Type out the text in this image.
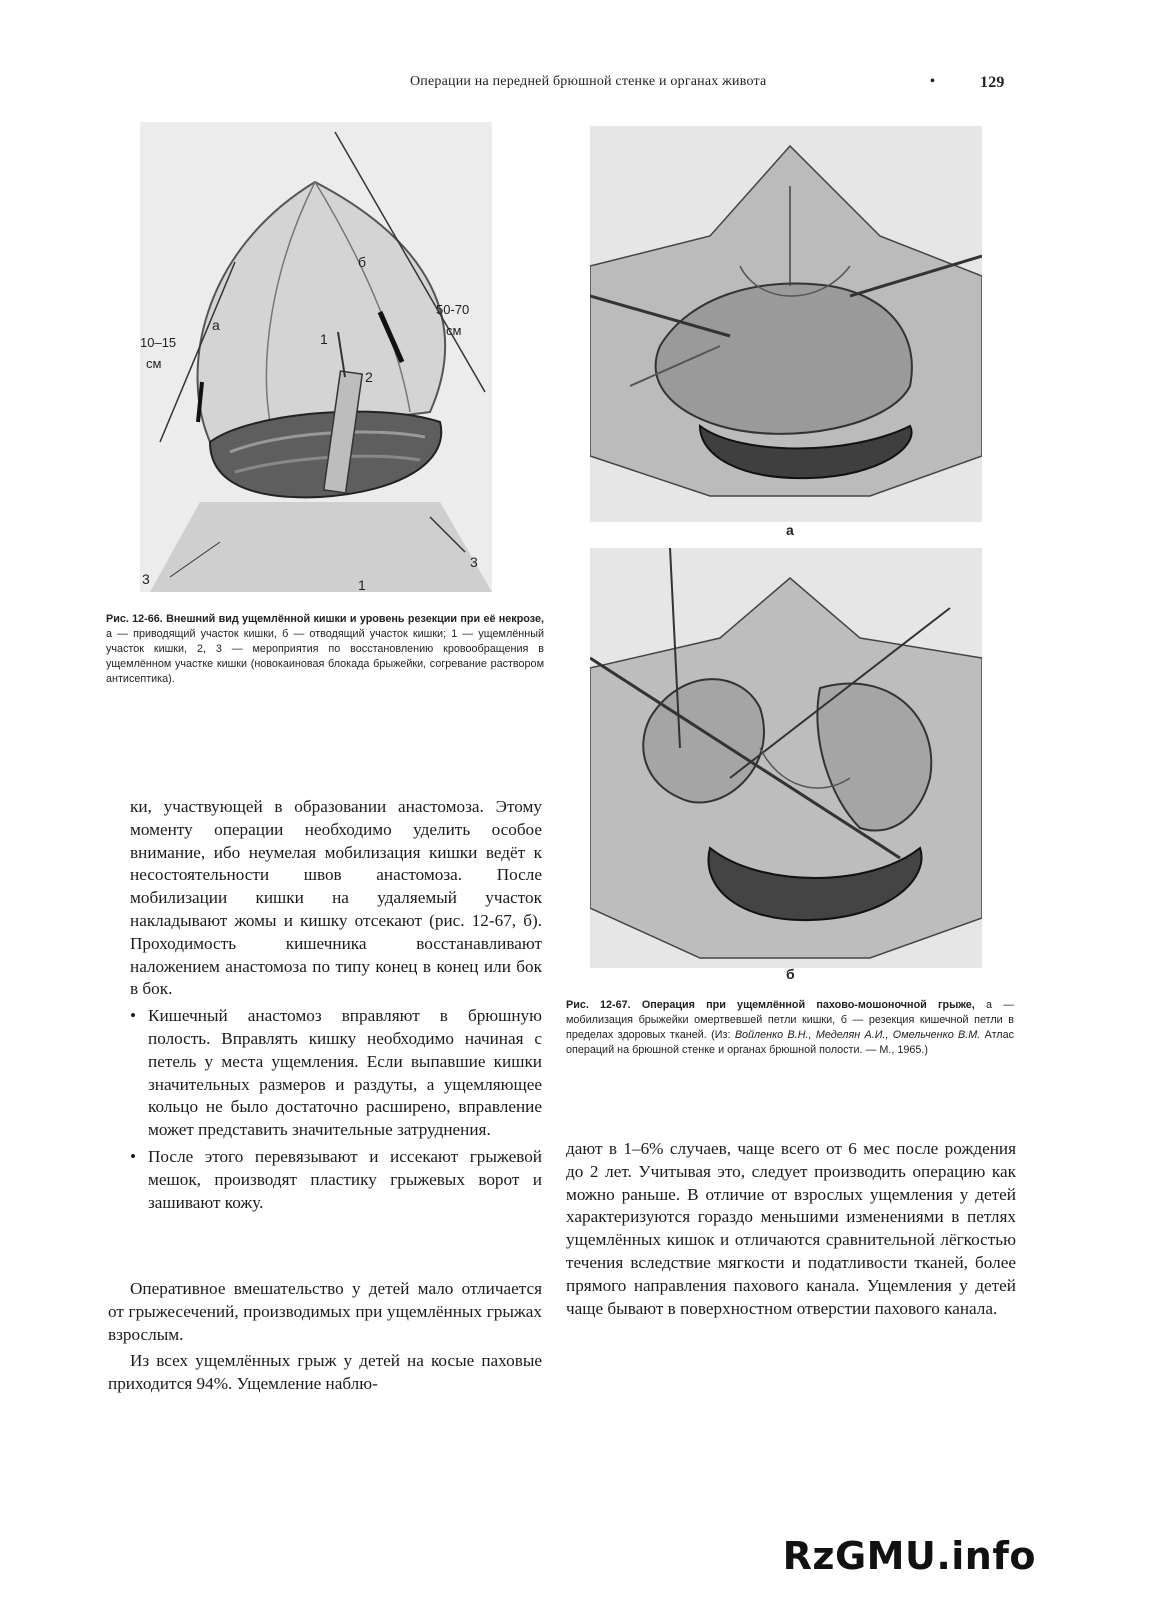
Операции на передней брюшной стенке и органах живота	•	129
а
б
10–15
см
50-70
см
1
2
1
3
3
Рис. 12-66. Внешний вид ущемлённой кишки и уровень резекции при её некрозе, а — приводящий участок кишки, б — отводящий участок кишки; 1 — ущемлённый участок кишки, 2, 3 — мероприятия по восстановлению кровообращения в ущемлённом участке кишки (новокаиновая блокада брыжейки, согревание раствором антисептика).
а
б
Рис. 12-67. Операция при ущемлённой пахово-мошоночной грыже, а — мобилизация брыжейки омертвевшей петли кишки, б — резекция кишечной петли в пределах здоровых тканей. (Из: Войленко В.Н., Меделян А.И., Омельченко В.М. Атлас операций на брюшной стенке и органах брюшной полости. — М., 1965.)

ки, участвующей в образовании анастомоза. Этому моменту операции необходимо уделить особое внимание, ибо неумелая мобилизация кишки ведёт к несостоятельности швов анастомоза. После мобилизации кишки на удаляемый участок накладывают жомы и кишку отсекают (рис. 12-67, б). Проходимость кишечника восстанавливают наложением анастомоза по типу конец в конец или бок в бок.

• Кишечный анастомоз вправляют в брюшную полость. Вправлять кишку необходимо начиная с петель у места ущемления. Если выпавшие кишки значительных размеров и раздуты, а ущемляющее кольцо не было достаточно расширено, вправление может представить значительные затруднения.

• После этого перевязывают и иссекают грыжевой мешок, производят пластику грыжевых ворот и зашивают кожу.

Оперативное вмешательство у детей мало отличается от грыжесечений, производимых при ущемлённых грыжах взрослым.

Из всех ущемлённых грыж у детей на косые паховые приходится 94%. Ущемление наблю-

дают в 1–6% случаев, чаще всего от 6 мес после рождения до 2 лет. Учитывая это, следует производить операцию как можно раньше. В отличие от взрослых ущемления у детей характеризуются гораздо меньшими изменениями в петлях ущемлённых кишок и отличаются сравнительной лёгкостью течения вследствие мягкости и податливости тканей, более прямого направления пахового канала. Ущемления у детей чаще бывают в поверхностном отверстии пахового канала.

RzGMU.info
